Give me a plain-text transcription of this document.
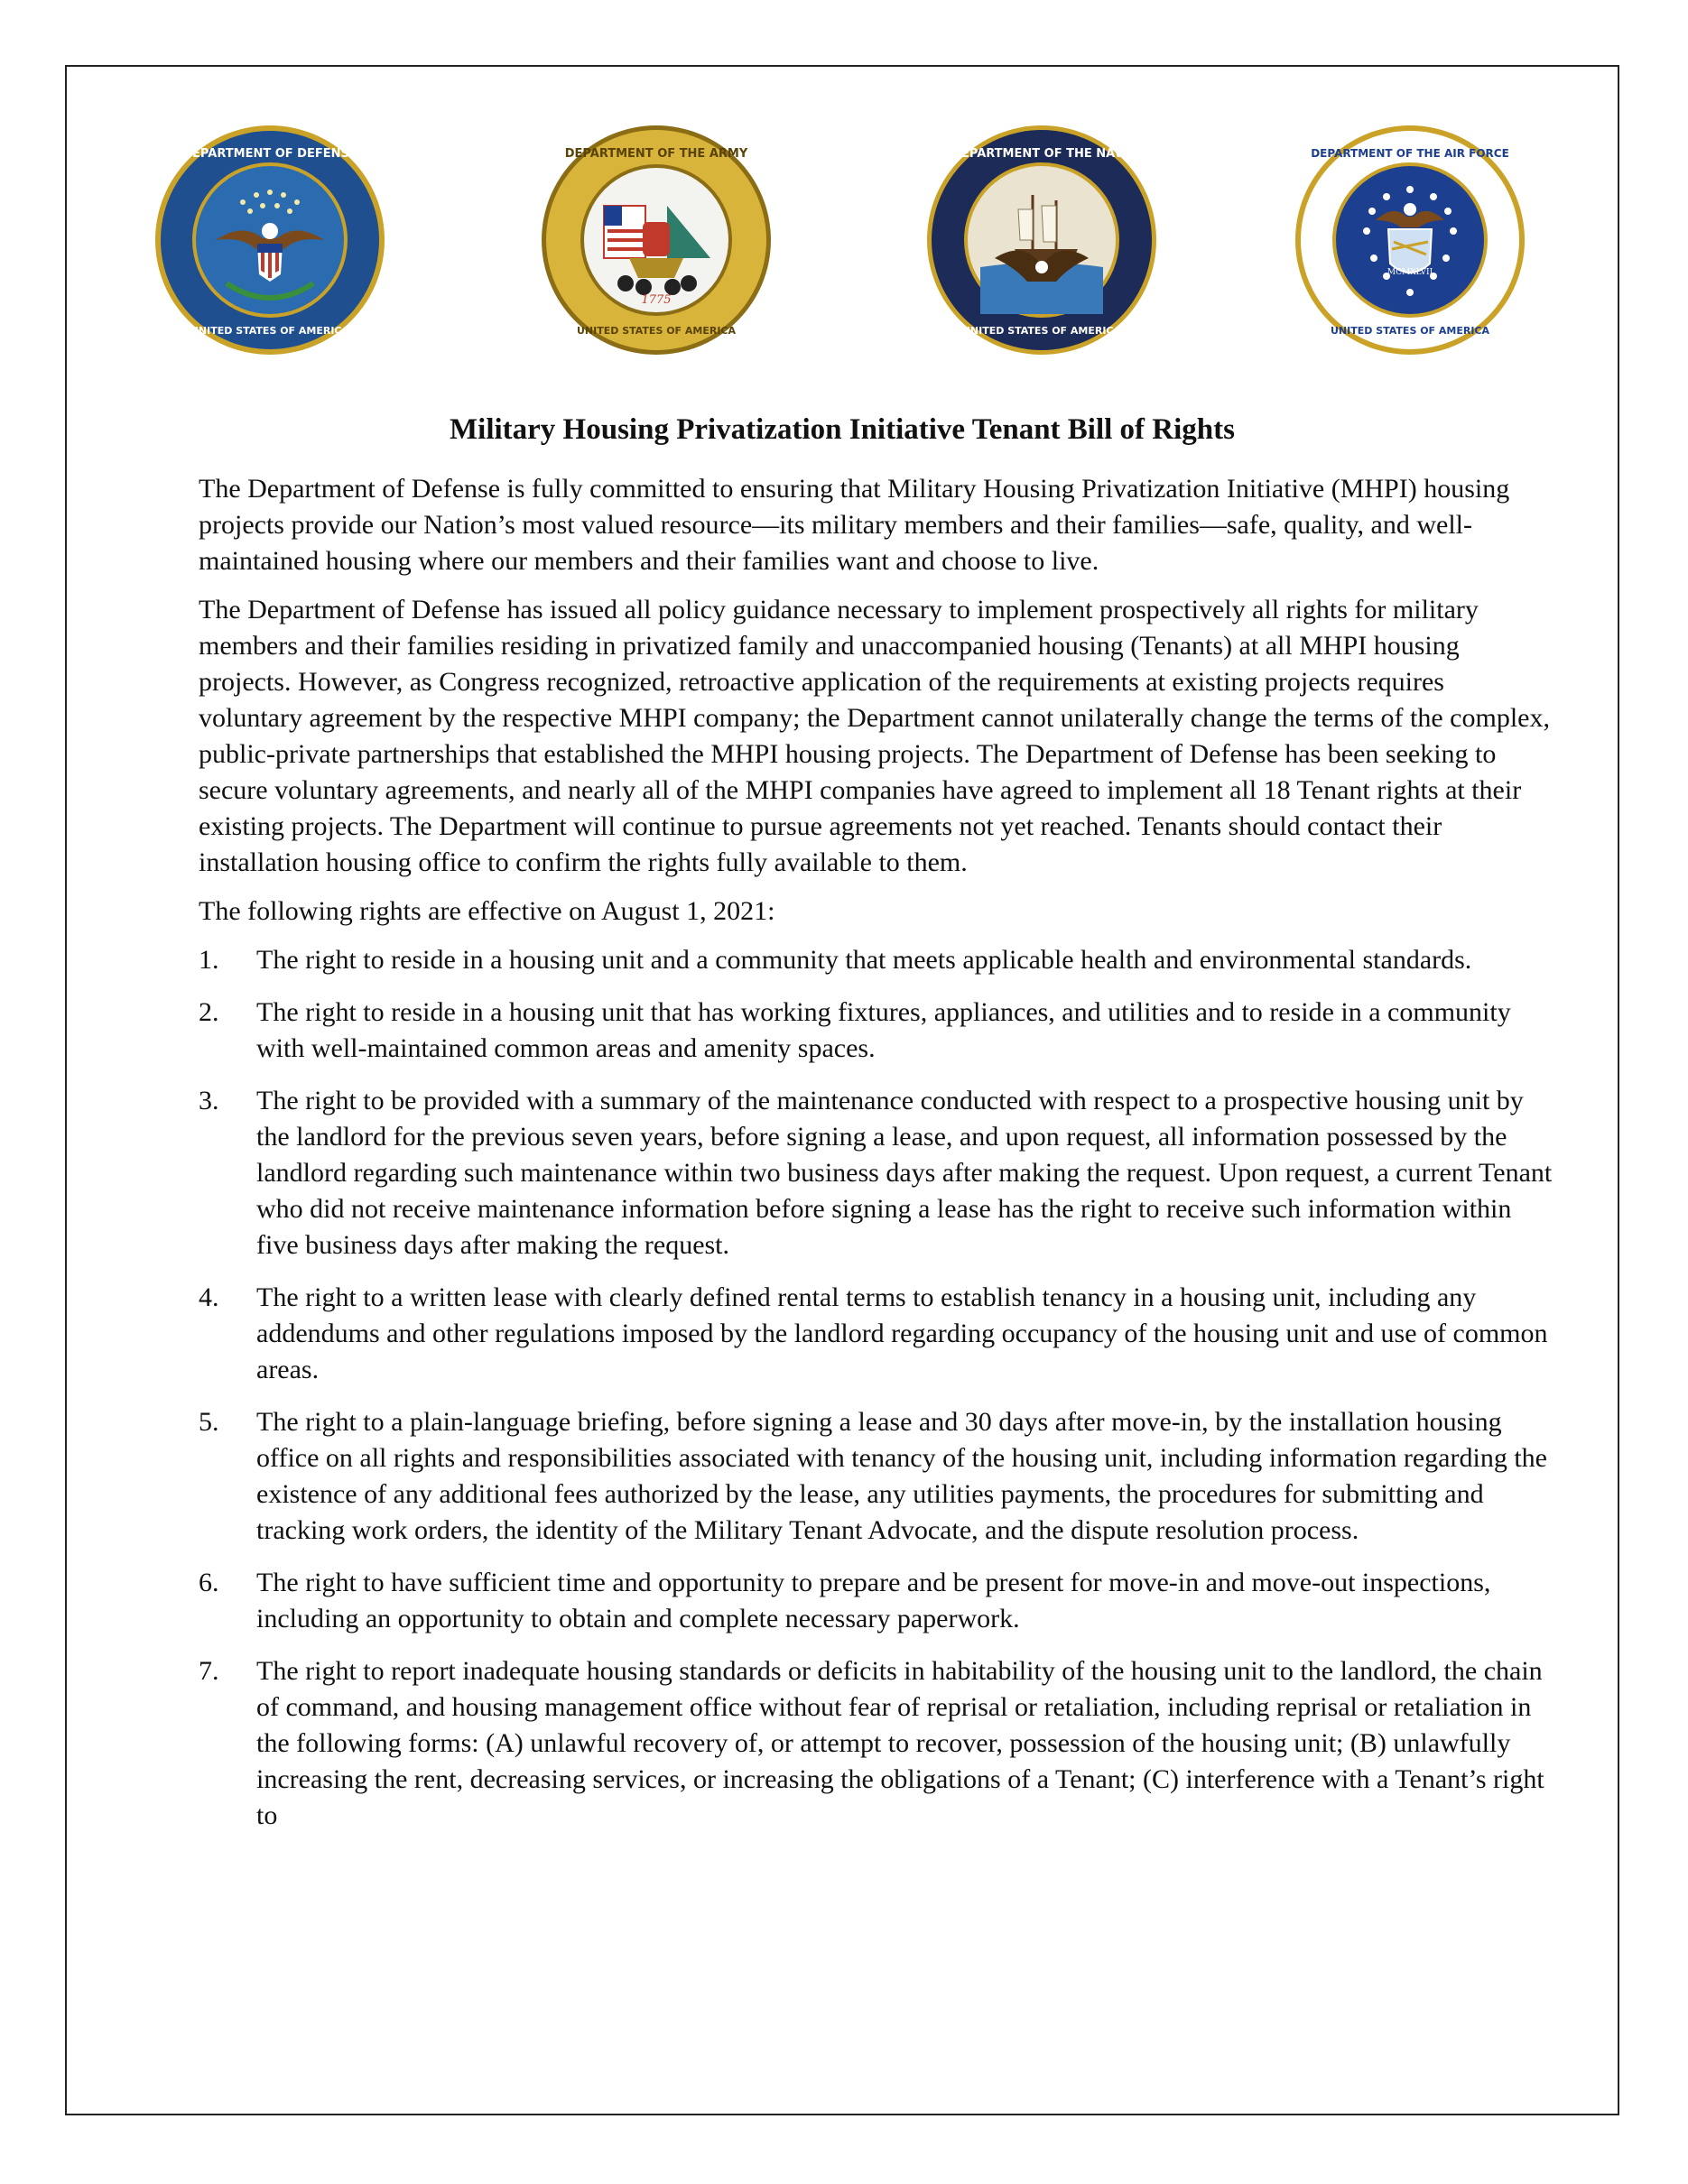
DEPARTMENT OF DEFENSE
UNITED STATES OF AMERICA
1775
DEPARTMENT OF THE ARMY
UNITED STATES OF AMERICA
DEPARTMENT OF THE NAVY
UNITED STATES OF AMERICA
MCMXLVII
DEPARTMENT OF THE AIR FORCE
UNITED STATES OF AMERICA
Military Housing Privatization Initiative Tenant Bill of Rights

The Department of Defense is fully committed to ensuring that Military Housing Privatization Initiative (MHPI) housing projects provide our Nation’s most valued resource—its military members and their families—safe, quality, and well-maintained housing where our members and their families want and choose to live.

The Department of Defense has issued all policy guidance necessary to implement prospectively all rights for military members and their families residing in privatized family and unaccompanied housing (Tenants) at all MHPI housing projects. However, as Congress recognized, retroactive application of the requirements at existing projects requires voluntary agreement by the respective MHPI company; the Department cannot unilaterally change the terms of the complex, public-private partnerships that established the MHPI housing projects. The Department of Defense has been seeking to secure voluntary agreements, and nearly all of the MHPI companies have agreed to implement all 18 Tenant rights at their existing projects. The Department will continue to pursue agreements not yet reached. Tenants should contact their installation housing office to confirm the rights fully available to them.

The following rights are effective on August 1, 2021:

1. The right to reside in a housing unit and a community that meets applicable health and environmental standards.
2. The right to reside in a housing unit that has working fixtures, appliances, and utilities and to reside in a community with well-maintained common areas and amenity spaces.
3. The right to be provided with a summary of the maintenance conducted with respect to a prospective housing unit by the landlord for the previous seven years, before signing a lease, and upon request, all information possessed by the landlord regarding such maintenance within two business days after making the request. Upon request, a current Tenant who did not receive maintenance information before signing a lease has the right to receive such information within five business days after making the request.
4. The right to a written lease with clearly defined rental terms to establish tenancy in a housing unit, including any addendums and other regulations imposed by the landlord regarding occupancy of the housing unit and use of common areas.
5. The right to a plain-language briefing, before signing a lease and 30 days after move-in, by the installation housing office on all rights and responsibilities associated with tenancy of the housing unit, including information regarding the existence of any additional fees authorized by the lease, any utilities payments, the procedures for submitting and tracking work orders, the identity of the Military Tenant Advocate, and the dispute resolution process.
6. The right to have sufficient time and opportunity to prepare and be present for move-in and move-out inspections, including an opportunity to obtain and complete necessary paperwork.
7. The right to report inadequate housing standards or deficits in habitability of the housing unit to the landlord, the chain of command, and housing management office without fear of reprisal or retaliation, including reprisal or retaliation in the following forms: (A) unlawful recovery of, or attempt to recover, possession of the housing unit; (B) unlawfully increasing the rent, decreasing services, or increasing the obligations of a Tenant; (C) interference with a Tenant’s right to
